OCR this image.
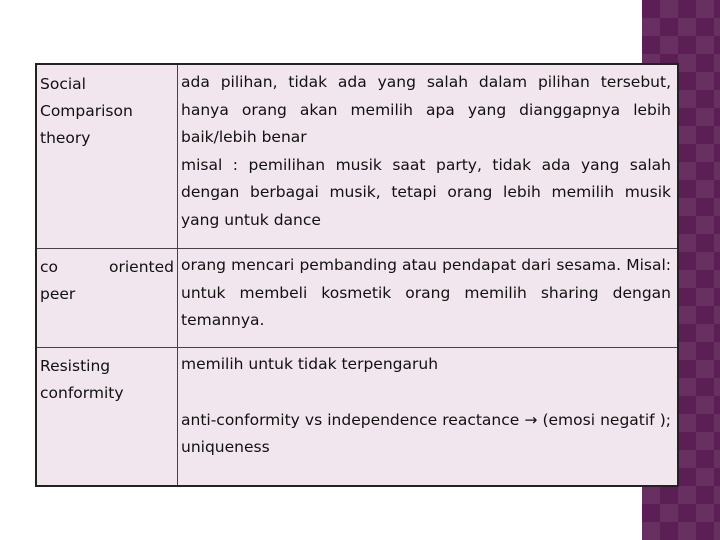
Social Comparison theory
ada pilihan, tidak ada yang salah dalam pilihan tersebut, hanya orang akan memilih apa yang dianggapnya lebih baik/lebih benar
misal : pemilihan musik saat party, tidak ada yang salah dengan berbagai musik, tetapi orang lebih memilih musik yang untuk dance
co	oriented
peer
orang mencari pembanding atau pendapat dari sesama. Misal: untuk membeli kosmetik orang memilih sharing dengan temannya.
Resisting conformity
memilih untuk tidak terpengaruh
anti-conformity vs independence reactance → (emosi negatif ); uniqueness
